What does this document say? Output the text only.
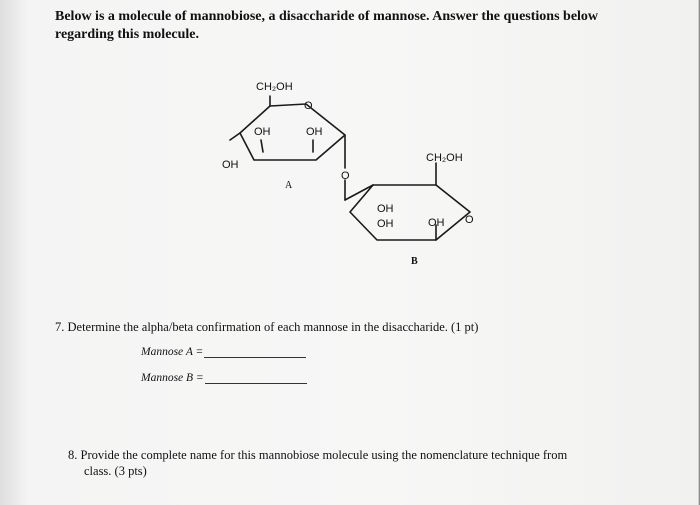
Below is a molecule of mannobiose, a disaccharide of mannose. Answer the questions below regarding this molecule.
CH₂OH
O
OH	OH
OH
A
O
CH₂OH
OH
OH	OH O
B
7. Determine the alpha/beta confirmation of each mannose in the disaccharide. (1 pt)
Mannose A =
Mannose B =
8. Provide the complete name for this mannobiose molecule using the nomenclature technique from
class. (3 pts)
